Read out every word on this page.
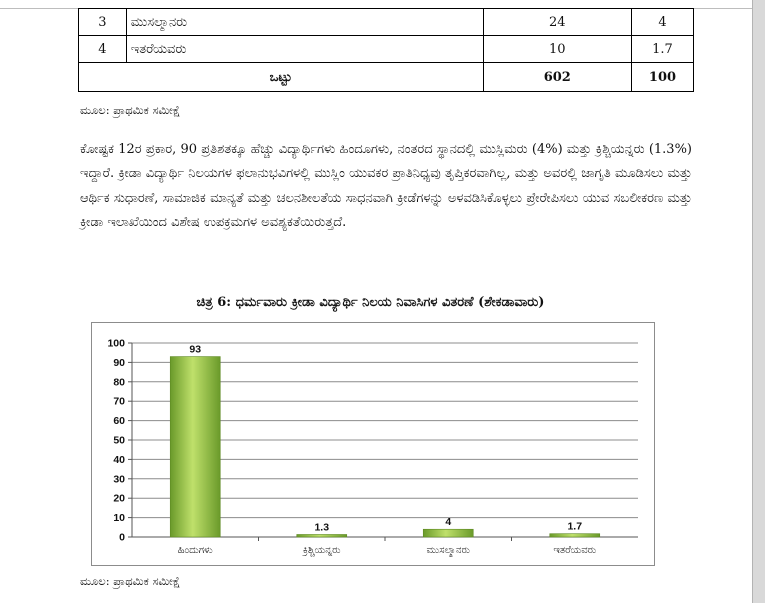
3	ಮುಸಲ್ಮಾನರು	24	4
4	ಇತರೆಯವರು	10	1.7
ಒಟ್ಟು		602	100
ಮೂಲ: ಪ್ರಾಥಮಿಕ ಸಮೀಕ್ಷೆ
ಕೋಷ್ಟಕ 12ರ ಪ್ರಕಾರ, 90 ಪ್ರತಿಶತಕ್ಕೂ ಹೆಚ್ಚು ವಿದ್ಯಾರ್ಥಿಗಳು ಹಿಂದೂಗಳು, ನಂತರದ ಸ್ಥಾನದಲ್ಲಿ ಮುಸ್ಲಿಮರು (4%) ಮತ್ತು ಕ್ರಿಶ್ಚಿಯನ್ನರು (1.3%) ಇದ್ದಾರೆ. ಕ್ರೀಡಾ ವಿದ್ಯಾರ್ಥಿ ನಿಲಯಗಳ ಫಲಾನುಭವಿಗಳಲ್ಲಿ ಮುಸ್ಲಿಂ ಯುವಕರ ಪ್ರಾತಿನಿಧ್ಯವು ತೃಪ್ತಿಕರವಾಗಿಲ್ಲ, ಮತ್ತು ಅವರಲ್ಲಿ ಜಾಗೃತಿ ಮೂಡಿಸಲು ಮತ್ತು ಆರ್ಥಿಕ ಸುಧಾರಣೆ, ಸಾಮಾಜಿಕ ಮಾನ್ಯತೆ ಮತ್ತು ಚಲನಶೀಲತೆಯ ಸಾಧನವಾಗಿ ಕ್ರೀಡೆಗಳನ್ನು ಅಳವಡಿಸಿಕೊಳ್ಳಲು ಪ್ರೇರೇಪಿಸಲು ಯುವ ಸಬಲೀಕರಣ ಮತ್ತು ಕ್ರೀಡಾ ಇಲಾಖೆಯಿಂದ ವಿಶೇಷ ಉಪಕ್ರಮಗಳ ಅವಶ್ಯಕತೆಯಿರುತ್ತದೆ.
ಚಿತ್ರ 6: ಧರ್ಮವಾರು ಕ್ರೀಡಾ ವಿದ್ಯಾರ್ಥಿ ನಿಲಯ ನಿವಾಸಿಗಳ ವಿತರಣೆ (ಶೇಕಡಾವಾರು)
0
10
20
30
40
50
60
70
80
90
100
93
ಹಿಂದುಗಳು
1.3
ಕ್ರಿಶ್ಚಿಯನ್ನರು
4
ಮುಸಲ್ಮಾನರು
1.7
ಇತರೆಯವರು
ಮೂಲ: ಪ್ರಾಥಮಿಕ ಸಮೀಕ್ಷೆ
